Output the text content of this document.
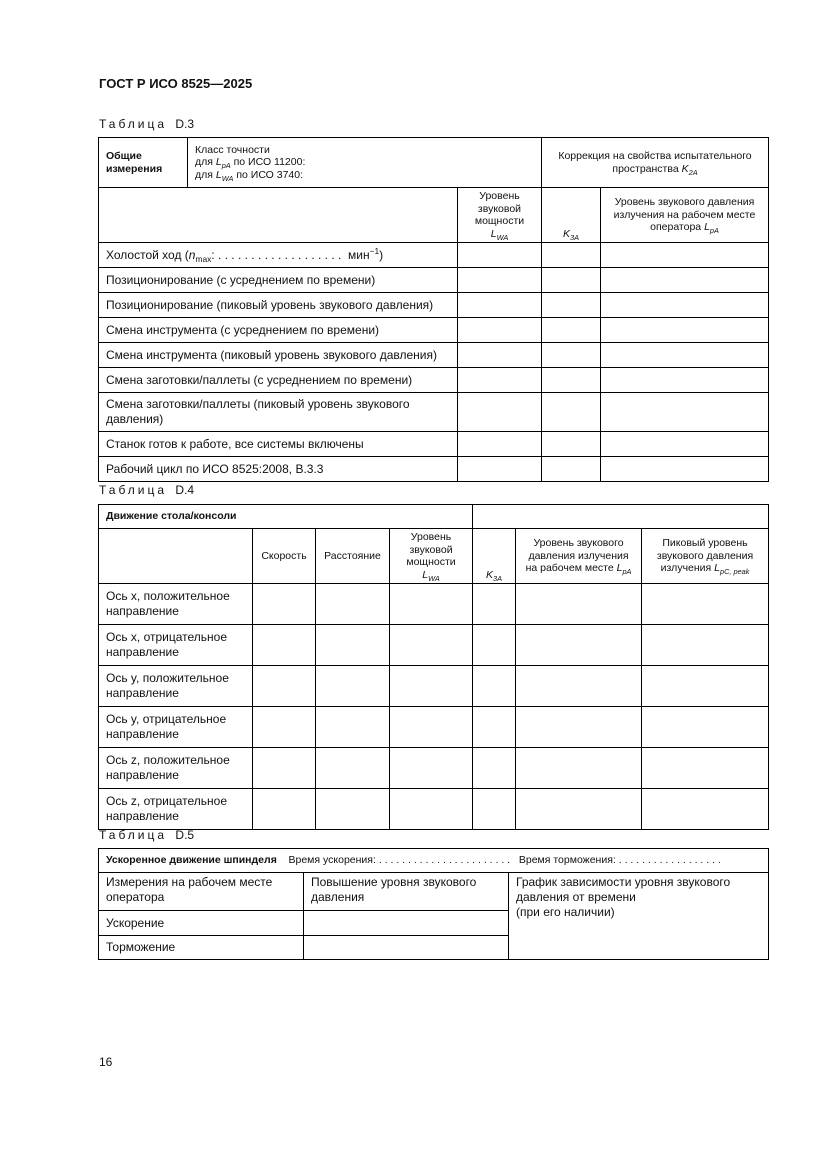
ГОСТ Р ИСО 8525—2025

Таблица D.3

Общие измерения	Класс точности
для $L_{pA}$ по ИСО 11200:
для $L_{WA}$ по ИСО 3740:		Коррекция на свойства испытательного пространства $K_{2A}$
		Уровень звуковой мощности $L_{WA}$	$K_{3A}$	Уровень звукового давления излучения на рабочем месте оператора $L_{pA}$
Холостой ход ($n_{max}$: . . . . . . . . . . . . . . . . . . . мин$^{-1}$)				
Позиционирование (с усреднением по времени)				
Позиционирование (пиковый уровень звукового давления)				
Смена инструмента (с усреднением по времени)				
Смена инструмента (пиковый уровень звукового давления)				
Смена заготовки/паллеты (с усреднением по времени)				
Смена заготовки/паллеты (пиковый уровень звукового давления)				
Станок готов к работе, все системы включены				
Рабочий цикл по ИСО 8525:2008, В.3.3				

Таблица D.4

Движение стола/консоли						
	Скорость	Расстояние	Уровень звуковой мощности $L_{WA}$	$K_{3A}$	Уровень звукового давления излучения на рабочем месте $L_{pA}$	Пиковый уровень звукового давления излучения $L_{pC, peak}$
Ось x, положительное направление						
Ось x, отрицательное направление						
Ось y, положительное направление						
Ось y, отрицательное направление						
Ось z, положительное направление						
Ось z, отрицательное направление						

Таблица D.5

Ускоренное движение шпинделя Время ускорения: . . . . . . . . . . . . . . . . . . . . . . . Время торможения: . . . . . . . . . . . . . . . . . .		
Измерения на рабочем месте оператора	Повышение уровня звукового давления	График зависимости уровня звукового давления от времени
(при его наличии)

Ускорение		
Торможение		

16
